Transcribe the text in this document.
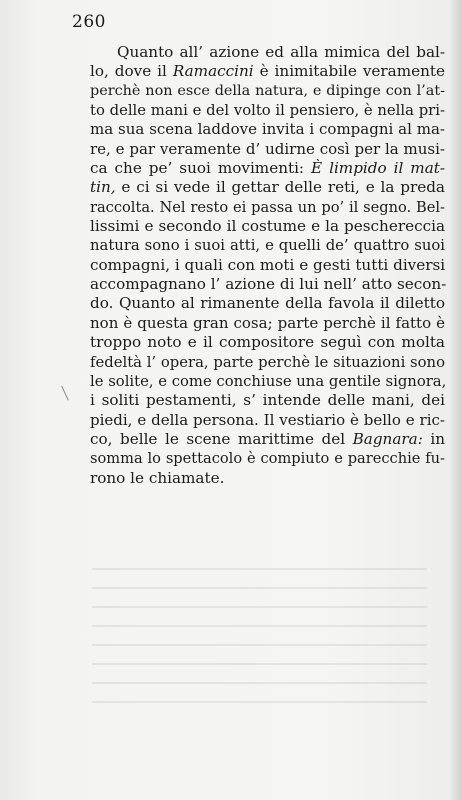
260

Quanto all’ azione ed alla mimica del bal-
lo, dove il Ramaccini è inimitabile veramente
perchè non esce della natura, e dipinge con l’at-
to delle mani e del volto il pensiero, è nella pri-
ma sua scena laddove invita i compagni al ma-
re, e par veramente d’ udirne così per la musi-
ca che pe’ suoi movimenti: È limpido il mat-
tin, e ci si vede il gettar delle reti, e la preda
raccolta. Nel resto ei passa un po’ il segno. Bel-
lissimi e secondo il costume e la peschereccia
natura sono i suoi atti, e quelli de’ quattro suoi
compagni, i quali con moti e gesti tutti diversi
accompagnano l’ azione di lui nell’ atto secon-
do. Quanto al rimanente della favola il diletto
non è questa gran cosa; parte perchè il fatto è
troppo noto e il compositore seguì con molta
fedeltà l’ opera, parte perchè le situazioni sono
le solite, e come conchiuse una gentile signora,
i soliti pestamenti, s’ intende delle mani, dei
piedi, e della persona. Il vestiario è bello e ric-
co, belle le scene marittime del Bagnara: in
somma lo spettacolo è compiuto e parecchie fu-
rono le chiamate.
